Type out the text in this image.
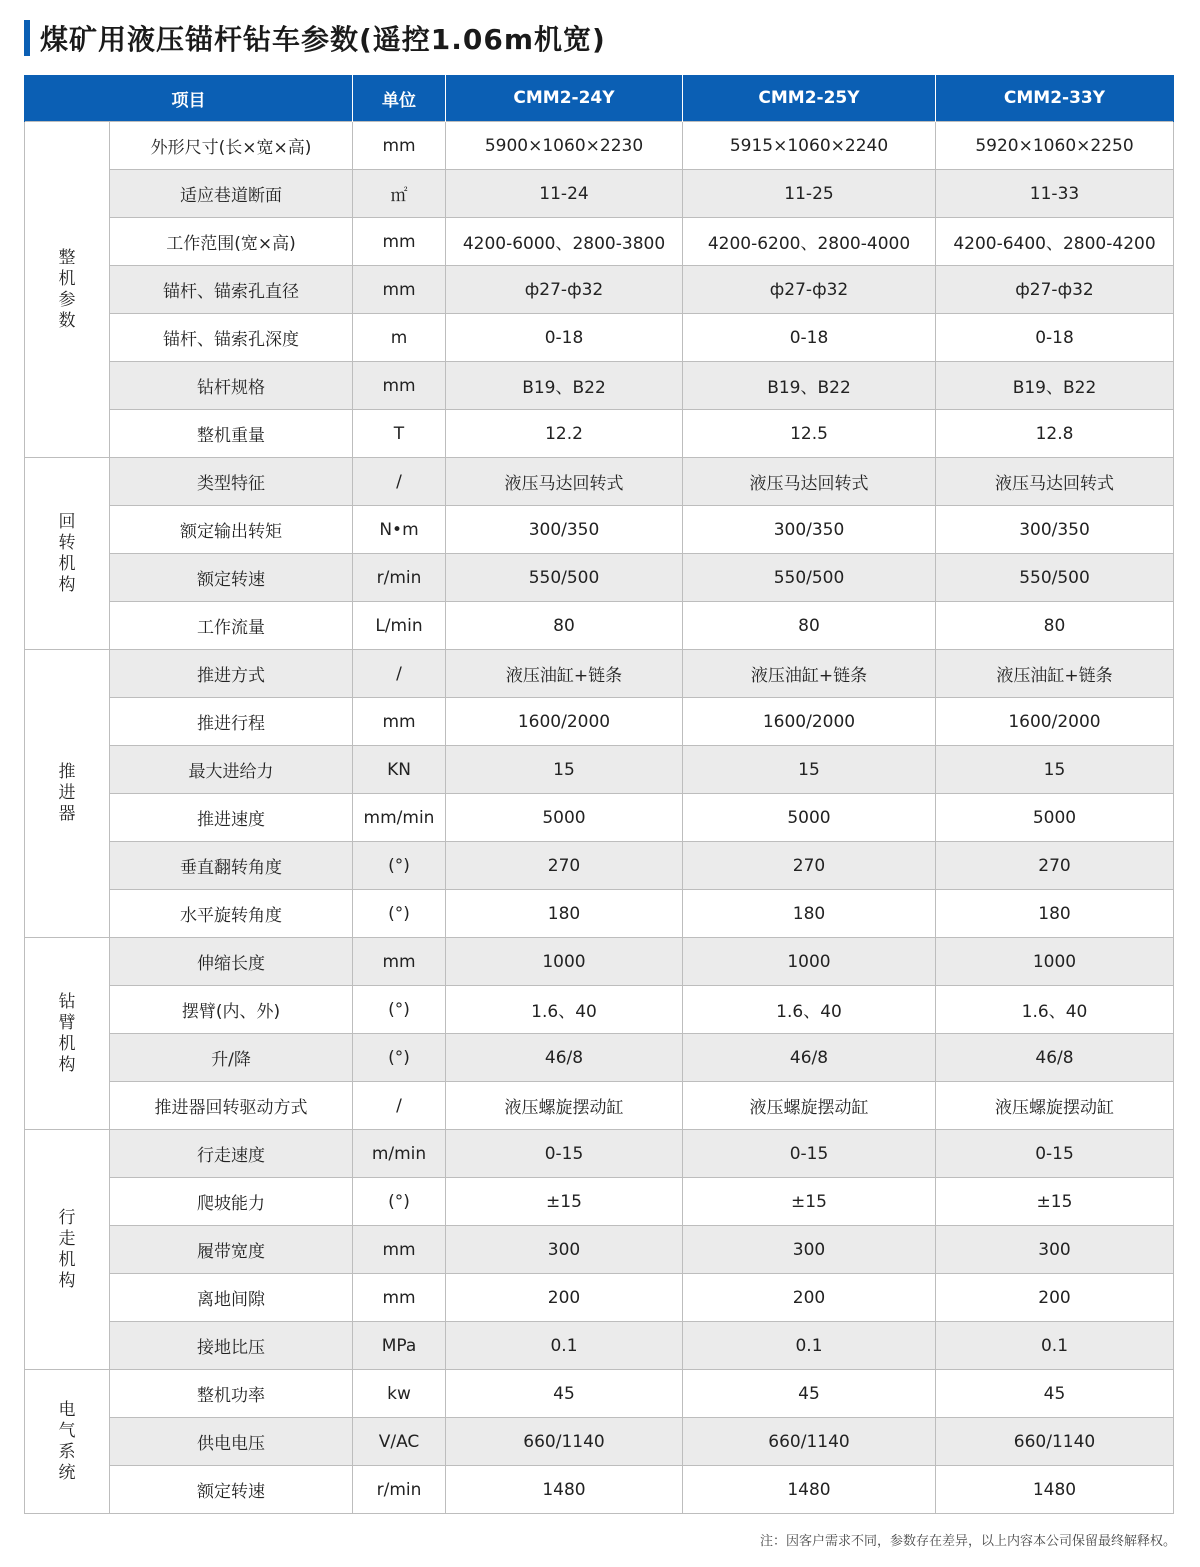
煤矿用液压锚杆钻车参数(遥控1.06m机宽)
项目		单位	CMM2-24Y	CMM2-25Y	CMM2-33Y
整机参数	外形尺寸(长×宽×高)	mm	5900×1060×2230	5915×1060×2240	5920×1060×2250
	适应巷道断面	㎡	11-24	11-25	11-33
	工作范围(宽×高)	mm	4200-6000、2800-3800	4200-6200、2800-4000	4200-6400、2800-4200
	锚杆、锚索孔直径	mm	ф27-ф32	ф27-ф32	ф27-ф32
	锚杆、锚索孔深度	m	0-18	0-18	0-18
	钻杆规格	mm	B19、B22	B19、B22	B19、B22
	整机重量	T	12.2	12.5	12.8
回转机构	类型特征	/	液压马达回转式	液压马达回转式	液压马达回转式
	额定输出转矩	N•m	300/350	300/350	300/350
	额定转速	r/min	550/500	550/500	550/500
	工作流量	L/min	80	80	80
推进器	推进方式	/	液压油缸+链条	液压油缸+链条	液压油缸+链条
	推进行程	mm	1600/2000	1600/2000	1600/2000
	最大进给力	KN	15	15	15
	推进速度	mm/min	5000	5000	5000
	垂直翻转角度	(°)	270	270	270
	水平旋转角度	(°)	180	180	180
钻臂机构	伸缩长度	mm	1000	1000	1000
	摆臂(内、外)	(°)	1.6、40	1.6、40	1.6、40
	升/降	(°)	46/8	46/8	46/8
	推进器回转驱动方式	/	液压螺旋摆动缸	液压螺旋摆动缸	液压螺旋摆动缸
行走机构	行走速度	m/min	0-15	0-15	0-15
	爬坡能力	(°)	±15	±15	±15
	履带宽度	mm	300	300	300
	离地间隙	mm	200	200	200
	接地比压	MPa	0.1	0.1	0.1
电气系统	整机功率	kw	45	45	45
	供电电压	V/AC	660/1140	660/1140	660/1140
	额定转速	r/min	1480	1480	1480
注：因客户需求不同，参数存在差异，以上内容本公司保留最终解释权。
